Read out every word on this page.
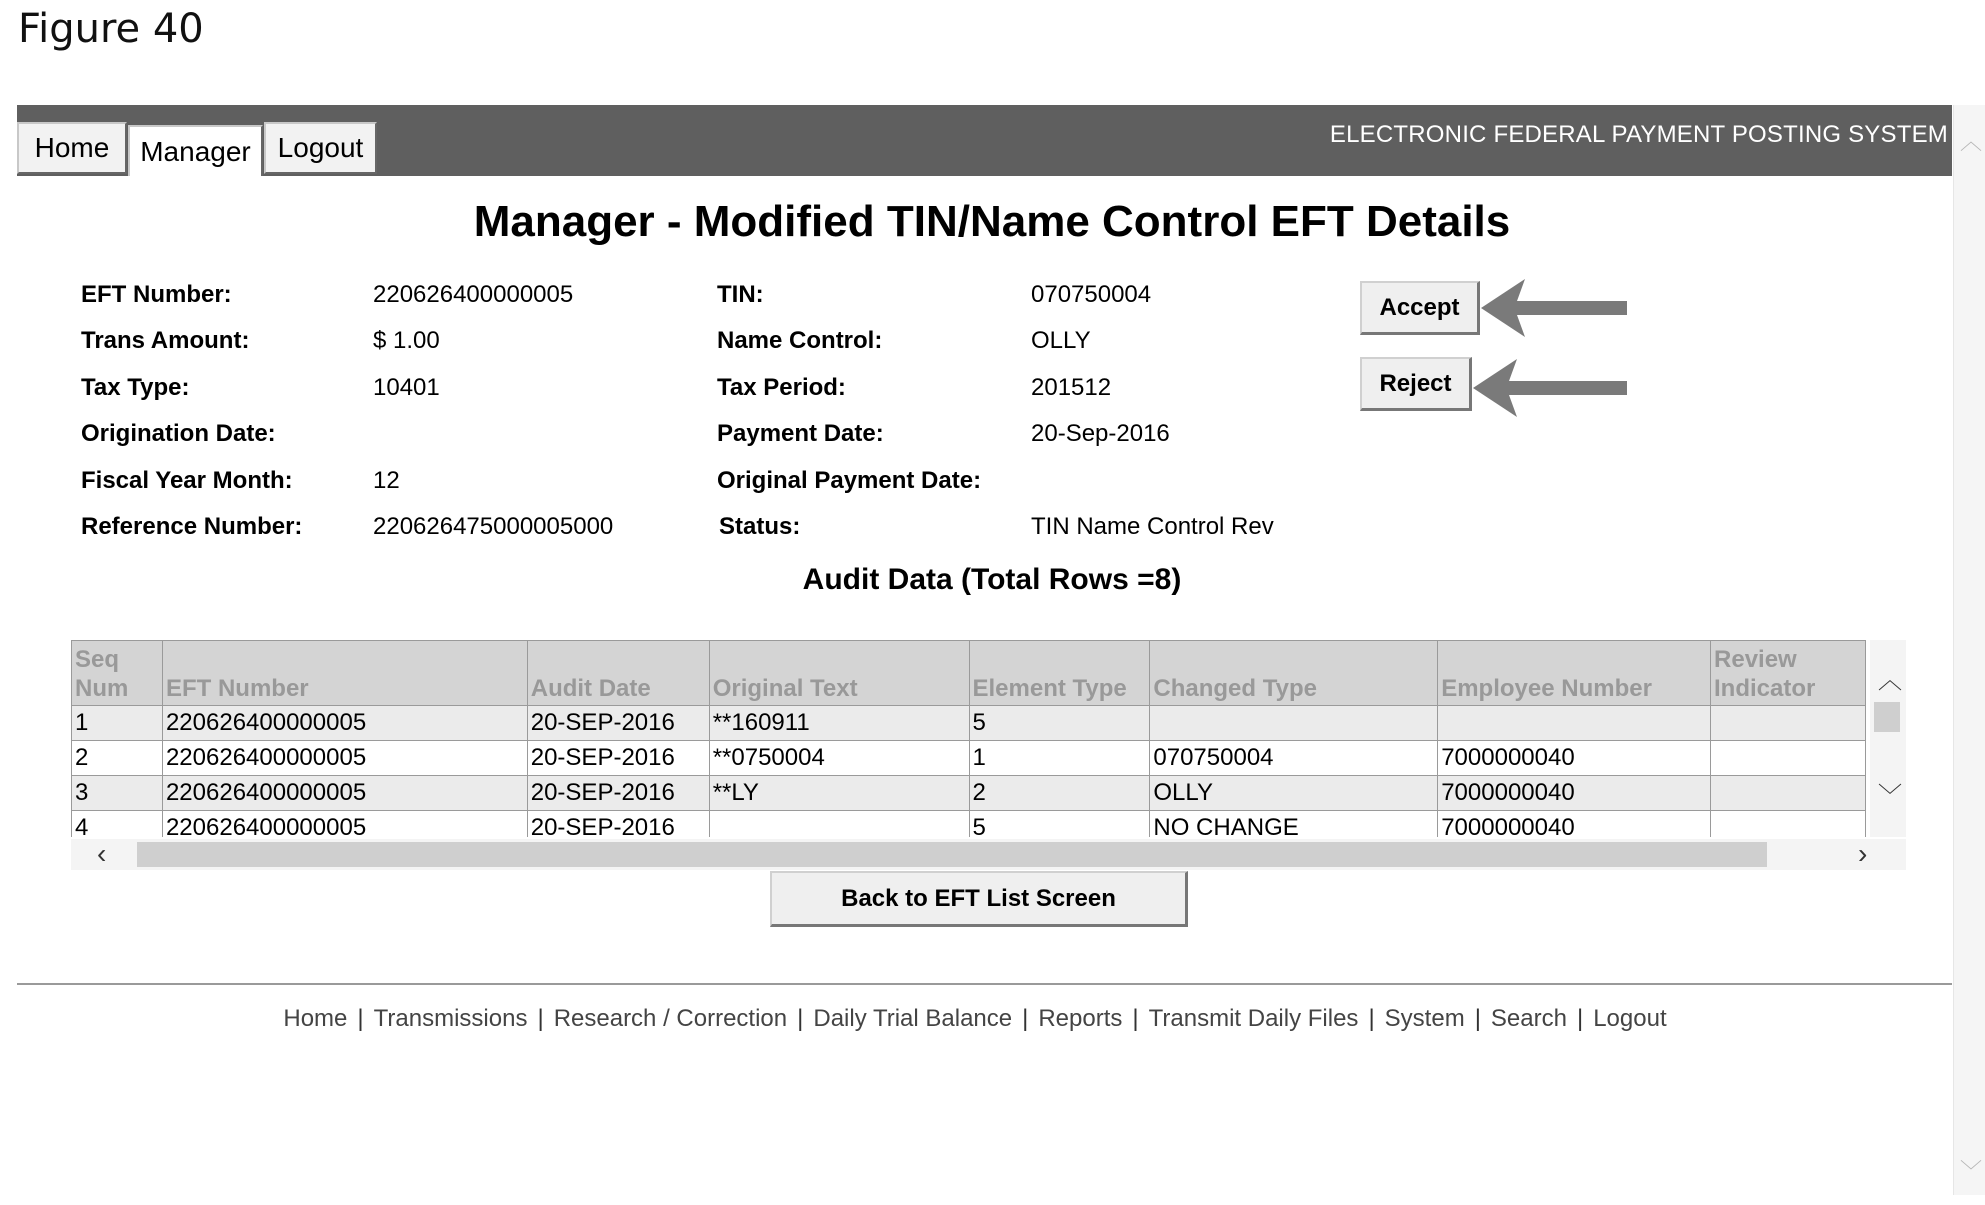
Figure 40
Home	Manager Logout	ELECTRONIC FEDERAL PAYMENT POSTING SYSTEM
Manager - Modified TIN/Name Control EFT Details
EFT Number:	220626400000005
Trans Amount:	$ 1.00
Tax Type:	10401
Origination Date:
Fiscal Year Month:	12
Reference Number:	220626475000005000
TIN:	070750004
Name Control:	OLLY
Tax Period:	201512
Payment Date:	20-Sep-2016
Original Payment Date:
Status:	TIN Name Control Rev
Accept
Reject
Audit Data (Total Rows =8)
︿
﹀
Seq Num	EFT Number	Audit Date	Original Text	Element Type	Changed Type	Employee Number	Review Indicator
1	220626400000005	20-SEP-2016	**160911	5			
2	220626400000005	20-SEP-2016	**0750004	1	070750004	7000000040	
3	220626400000005	20-SEP-2016	**LY	2	OLLY	7000000040	
4	220626400000005	20-SEP-2016		5	NO CHANGE	7000000040	
︿
﹀
‹	›
Back to EFT List Screen
Home | Transmissions | Research / Correction | Daily Trial Balance | Reports | Transmit Daily Files | System | Search | Logout
